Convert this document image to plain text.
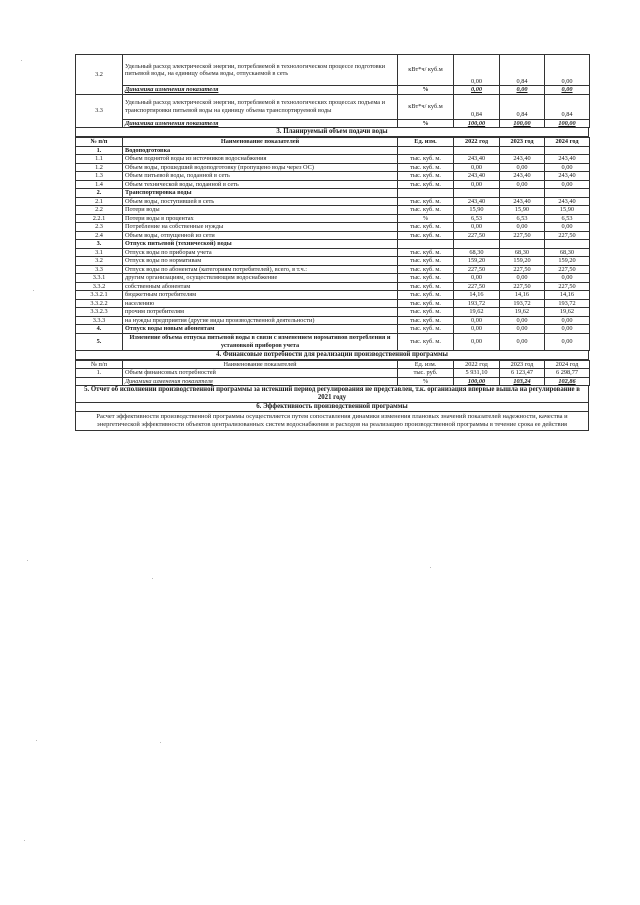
3.2	Удельный расход электрической энергии, потребляемой в технологическом процессе подготовки питьевой воды, на единицу объема воды, отпускаемой в сеть	кВт*ч/ куб.м	0,00	0,84	0,00
	Динамика изменения показателя	%	0,00	0,00	0,00
3.3	Удельный расход электрической энергии, потребляемой в технологических процессах подъема и транспортировки питьевой воды на единицу объема транспортируемой воды	кВт*ч/ куб.м	0,84	0,84	0,84
	Динамика изменения показателя	%	100,00	100,00	100,00
3. Планируемый объем подачи воды
№ п/п	Наименование показателей	Ед. изм.	2022 год	2023 год	2024 год
1.	Водоподготовка				
1.1	Объем поднятой воды из источников водоснабжения	тыс. куб. м.	243,40	243,40	243,40
1.2	Объем воды, прошедший водоподготовку (пропущено воды через ОС)	тыс. куб. м.	0,00	0,00	0,00
1.3	Объем питьевой воды, поданной в сеть	тыс. куб. м.	243,40	243,40	243,40
1.4	Объем технической воды, поданной в сеть	тыс. куб. м.	0,00	0,00	0,00
2.	Транспортировка воды				
2.1	Объем воды, поступившей в сеть	тыс. куб. м.	243,40	243,40	243,40
2.2	Потери воды	тыс. куб. м.	15,90	15,90	15,90
2.2.1	Потери воды в процентах	%	6,53	6,53	6,53
2.3	Потребление на собственные нужды	тыс. куб. м.	0,00	0,00	0,00
2.4	Объем воды, отпущенной из сети	тыс. куб. м.	227,50	227,50	227,50
3.	Отпуск питьевой (технической) воды				
3.1	Отпуск воды по приборам учета	тыс. куб. м.	68,30	68,30	68,30
3.2	Отпуск воды по нормативам	тыс. куб. м.	159,20	159,20	159,20
3.3	Отпуск воды по абонентам (категориям потребителей), всего, в т.ч.:	тыс. куб. м.	227,50	227,50	227,50
3.3.1	другим организациям, осуществляющим водоснабжение	тыс. куб. м.	0,00	0,00	0,00
3.3.2	собственным абонентам	тыс. куб. м.	227,50	227,50	227,50
3.3.2.1	бюджетным потребителям	тыс. куб. м.	14,16	14,16	14,16
3.3.2.2	населению	тыс. куб. м.	193,72	193,72	193,72
3.3.2.3	прочим потребителям	тыс. куб. м.	19,62	19,62	19,62
3.3.3	на нужды предприятия (другие виды производственной деятельности)	тыс. куб. м.	0,00	0,00	0,00
4.	Отпуск воды новым абонентам	тыс. куб. м.	0,00	0,00	0,00
5.	Изменение объема отпуска питьевой воды в связи с изменением нормативов потребления и установкой приборов учета	тыс. куб. м.	0,00	0,00	0,00
4. Финансовые потребности для реализации производственной программы
№ п/п	Наименование показателей	Ед. изм.	2022 год	2023 год	2024 год
1.	Объем финансовых потребностей	тыс. руб.	5 931,10	6 123,47	6 298,77
	Динамика изменения показателя	%	100,00	103,24	102,86
5. Отчет об исполнении производственной программы за истекший период регулирования не представлен, т.к. организация впервые вышла на регулирование в 2021 году
6. Эффективность производственной программы
Расчет эффективности производственной программы осуществляется путем сопоставления динамики изменения плановых значений показателей надежности, качества и энергетической эффективности объектов централизованных систем водоснабжения и расходов на реализацию производственной программы в течение срока ее действия
